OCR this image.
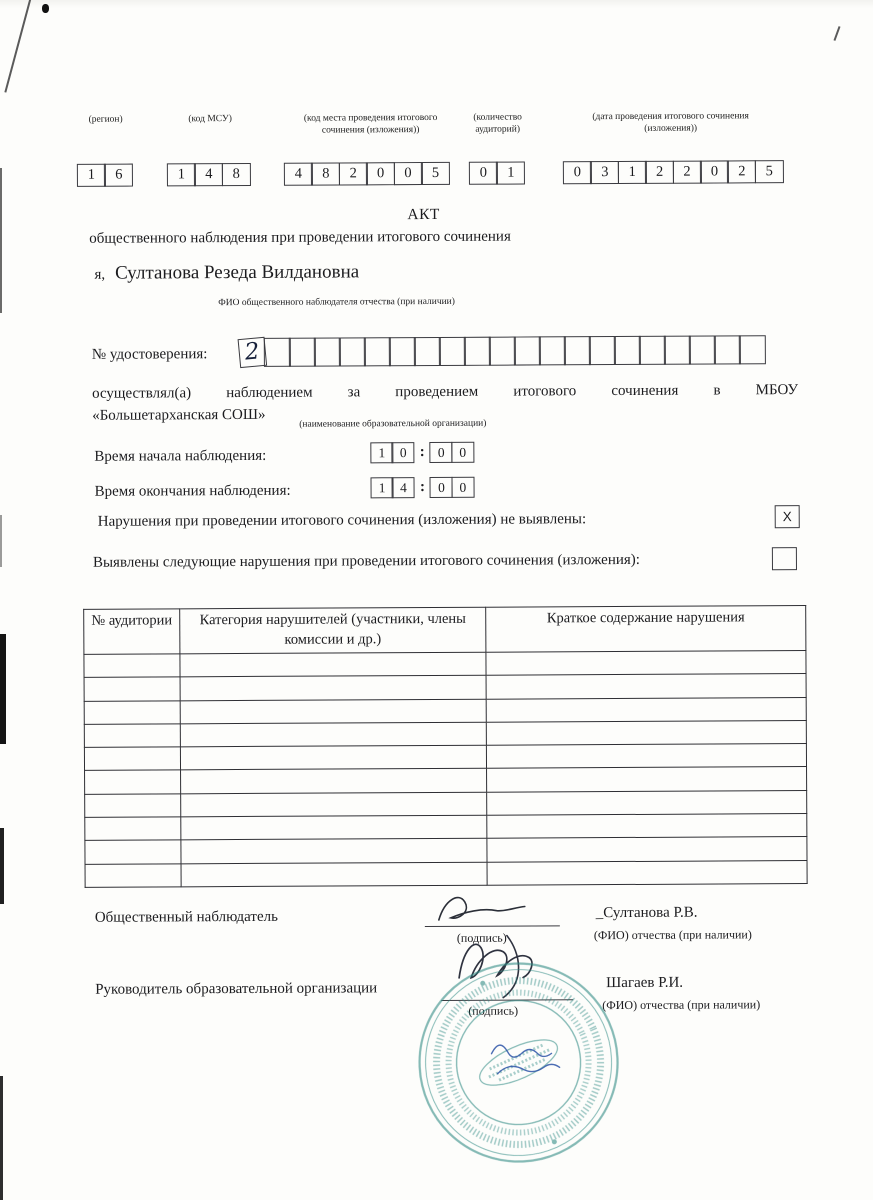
(регион)
1	6
(код МСУ)
1	4	8
(код места проведения итогового сочинения (изложения))
4	8	2	0	0	5
(количество аудиторий)
0	1
(дата проведения итогового сочинения (изложения))
0	3	1	2	2	0	2	5
АКТ
общественного наблюдения при проведении итогового сочинения
я, Султанова Резеда Вилдановна
ФИО общественного наблюдателя отчества (при наличии)
№ удостоверения: 2
осуществлял(а) наблюдением за проведением итогового сочинения в МБОУ
«Большетарханская СОШ»
(наименование образовательной организации)
Время начала наблюдения:	1	0 : 0	0
Время окончания наблюдения:	1	4 : 0	0
Нарушения при проведении итогового сочинения (изложения) не выявлены:	X
Выявлены следующие нарушения при проведении итогового сочинения (изложения):
№ аудитории	Категория нарушителей (участники, члены комиссии и др.)	Краткое содержание нарушения

Общественный наблюдатель
(подпись)
_Султанова Р.В.
(ФИО) отчества (при наличии)
Руководитель образовательной организации
(подпись)
Шагаев Р.И.
(ФИО) отчества (при наличии)
